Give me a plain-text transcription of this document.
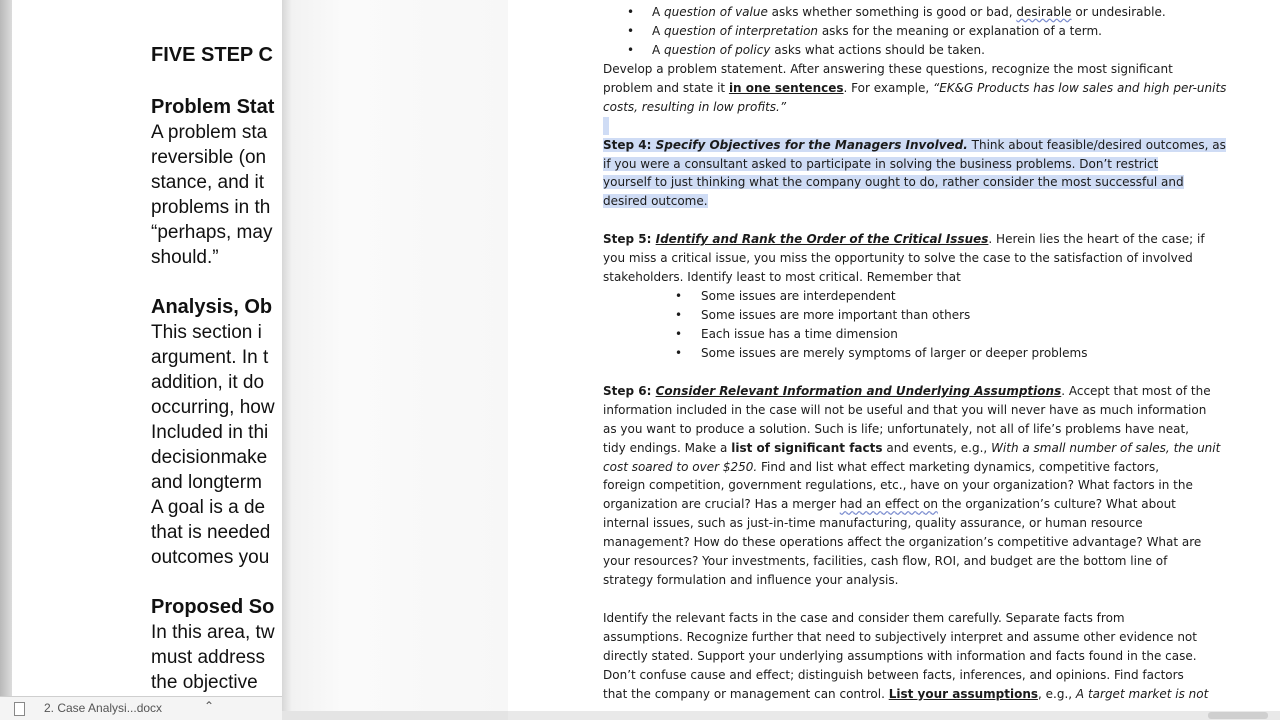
FIVE STEP C
Problem Stat
A problem sta
reversible (on
stance, and it
problems in th
“perhaps, may
should.”
Analysis, Ob
This section i
argument. In t
addition, it do
occurring, how
Included in thi
decisionmake
and longterm
A goal is a de
that is needed
outcomes you
Proposed So
In this area, tw
must address
the objective
2. Case Analysi...docx	⌃
• A question of value asks whether something is good or bad, desirable or undesirable.
• A question of interpretation asks for the meaning or explanation of a term.
• A question of policy asks what actions should be taken.
Develop a problem statement. After answering these questions, recognize the most significant
problem and state it in one sentences. For example, “EK&G Products has low sales and high per-units
costs, resulting in low profits.”
Step 4: Specify Objectives for the Managers Involved. Think about feasible/desired outcomes, as
if you were a consultant asked to participate in solving the business problems. Don’t restrict
yourself to just thinking what the company ought to do, rather consider the most successful and
desired outcome.
Step 5: Identify and Rank the Order of the Critical Issues. Herein lies the heart of the case; if
you miss a critical issue, you miss the opportunity to solve the case to the satisfaction of involved
stakeholders. Identify least to most critical. Remember that
• Some issues are interdependent
• Some issues are more important than others
• Each issue has a time dimension
• Some issues are merely symptoms of larger or deeper problems
Step 6: Consider Relevant Information and Underlying Assumptions. Accept that most of the
information included in the case will not be useful and that you will never have as much information
as you want to produce a solution. Such is life; unfortunately, not all of life’s problems have neat,
tidy endings. Make a list of significant facts and events, e.g., With a small number of sales, the unit
cost soared to over $250. Find and list what effect marketing dynamics, competitive factors,
foreign competition, government regulations, etc., have on your organization? What factors in the
organization are crucial? Has a merger had an effect on the organization’s culture? What about
internal issues, such as just-in-time manufacturing, quality assurance, or human resource
management? How do these operations affect the organization’s competitive advantage? What are
your resources? Your investments, facilities, cash flow, ROI, and budget are the bottom line of
strategy formulation and influence your analysis.
Identify the relevant facts in the case and consider them carefully. Separate facts from
assumptions. Recognize further that need to subjectively interpret and assume other evidence not
directly stated. Support your underlying assumptions with information and facts found in the case.
Don’t confuse cause and effect; distinguish between facts, inferences, and opinions. Find factors
that the company or management can control. List your assumptions, e.g., A target market is not
